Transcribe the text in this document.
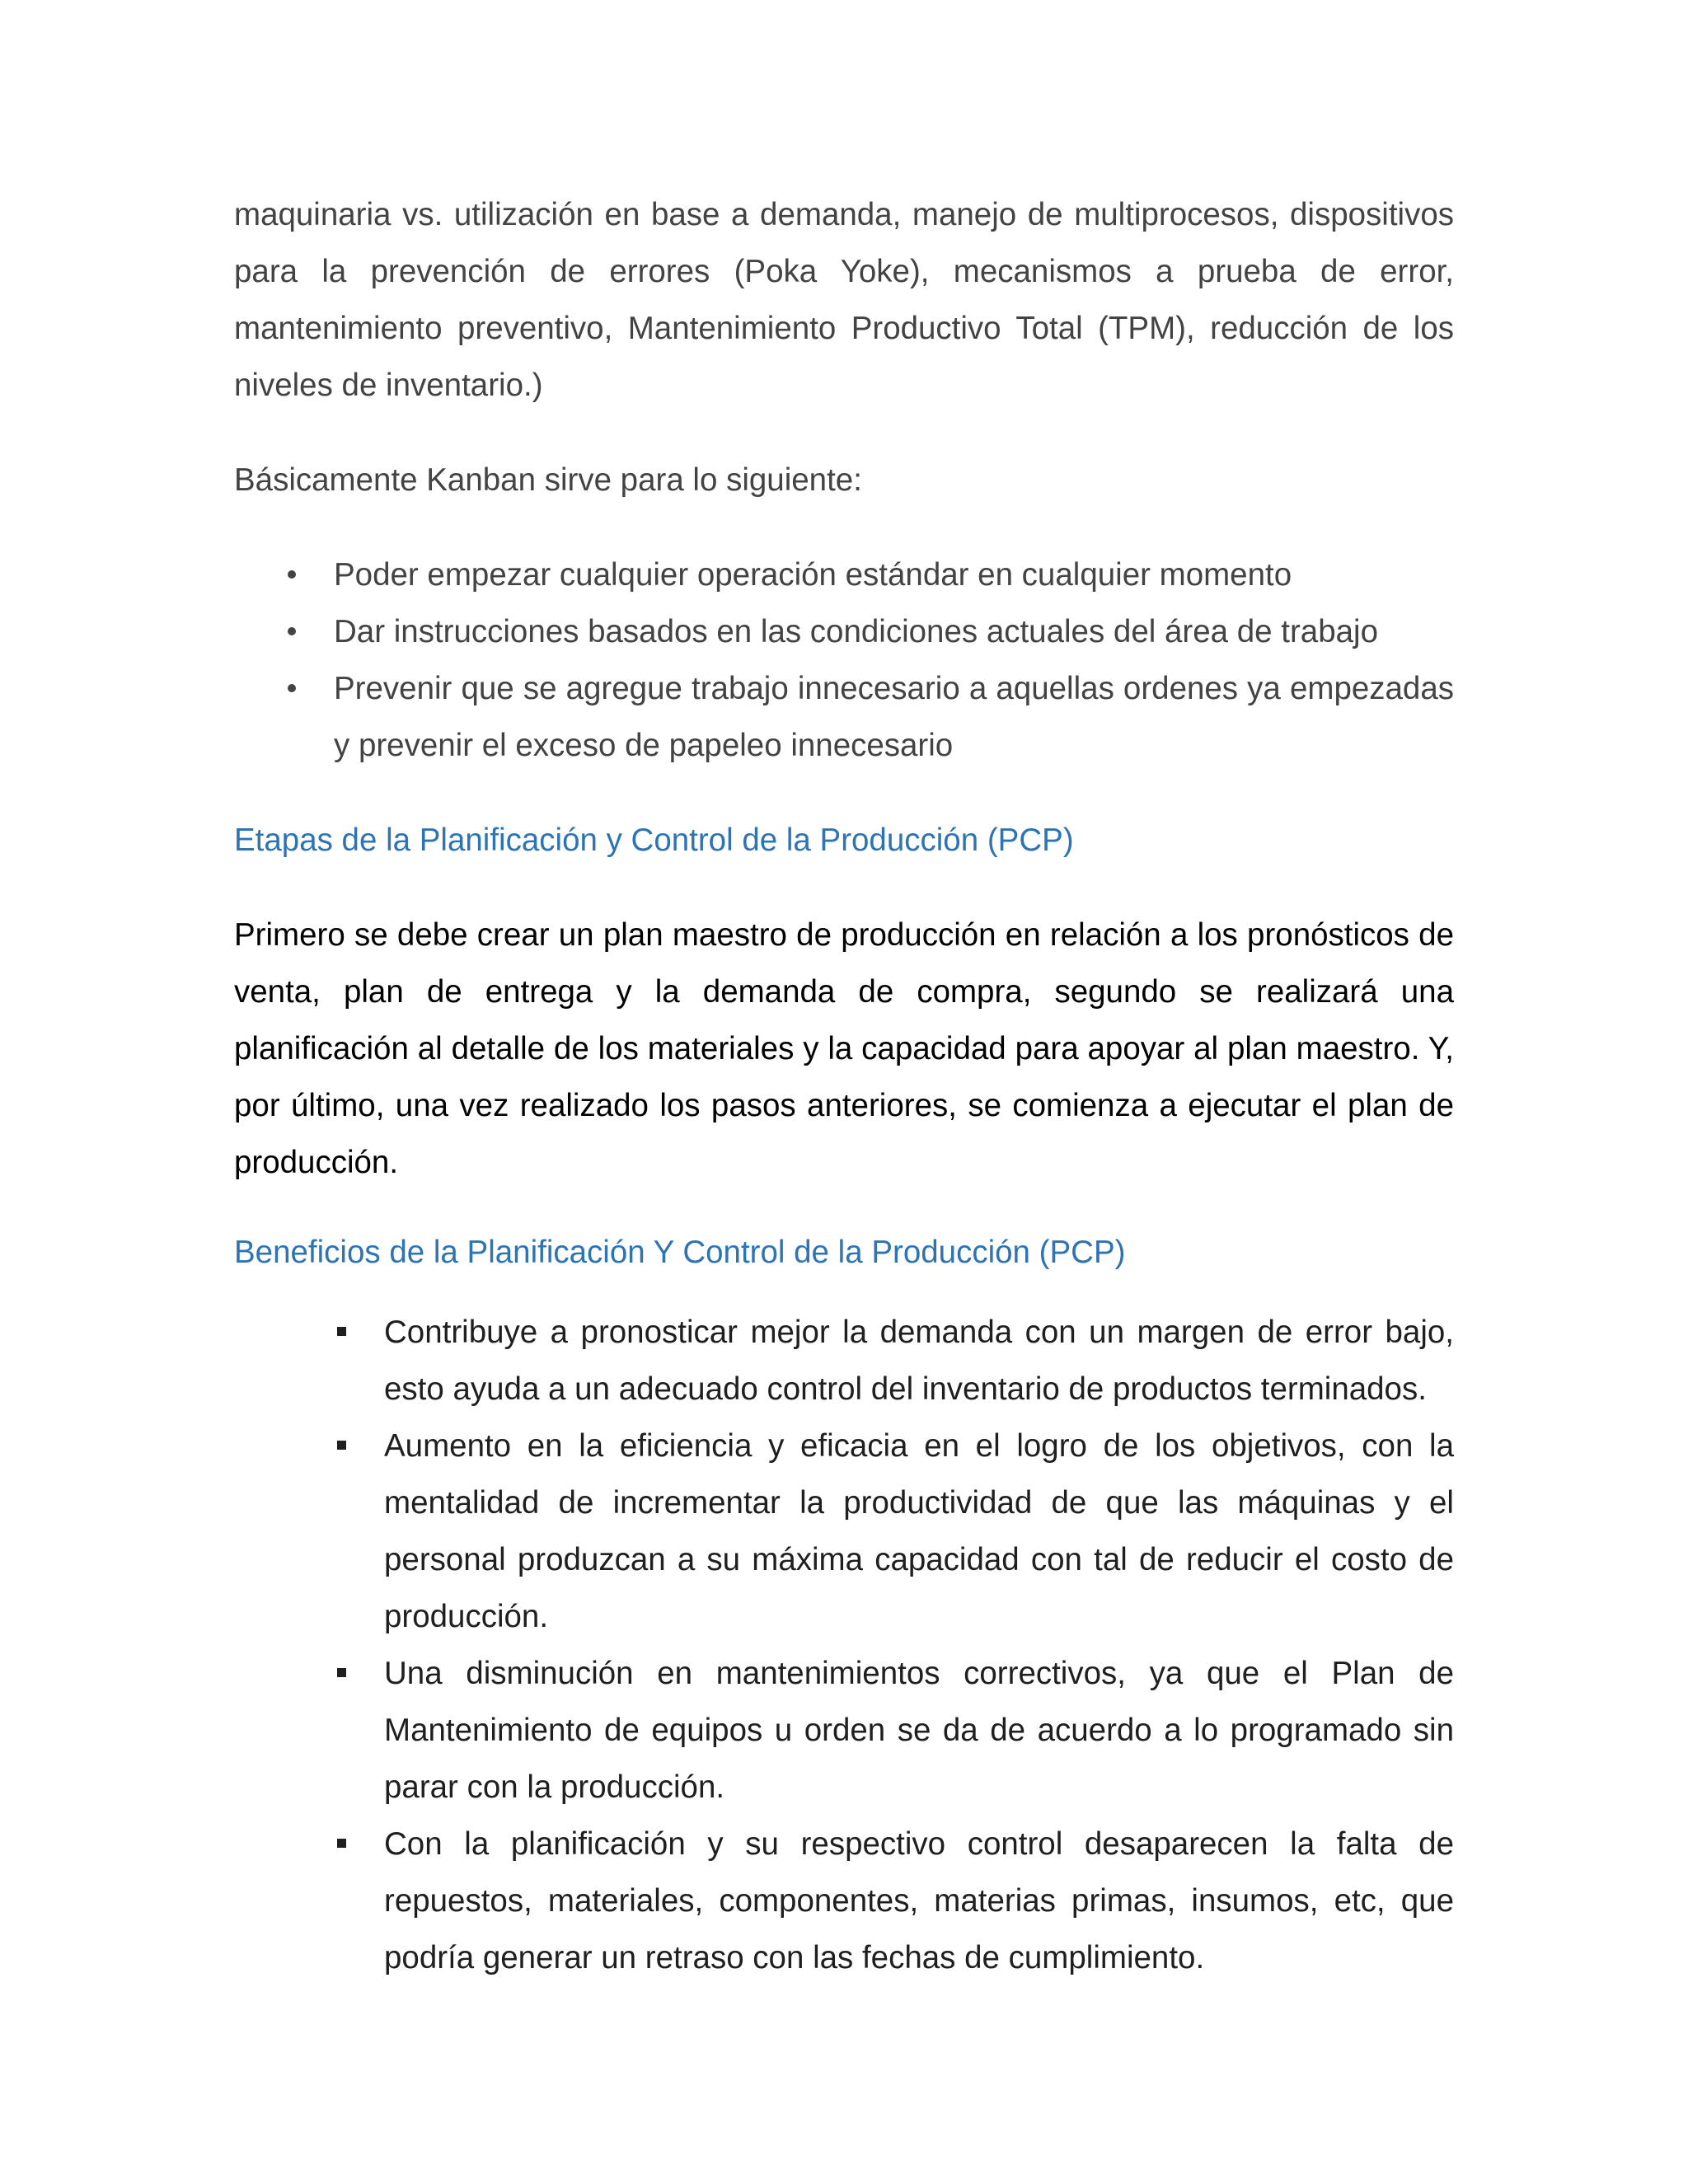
maquinaria vs. utilización en base a demanda, manejo de multiprocesos, dispositivos para la prevención de errores (Poka Yoke), mecanismos a prueba de error, mantenimiento preventivo, Mantenimiento Productivo Total (TPM), reducción de los niveles de inventario.)

Básicamente Kanban sirve para lo siguiente:

Poder empezar cualquier operación estándar en cualquier momento
Dar instrucciones basados en las condiciones actuales del área de trabajo
Prevenir que se agregue trabajo innecesario a aquellas ordenes ya empezadas y prevenir el exceso de papeleo innecesario
Etapas de la Planificación y Control de la Producción (PCP)

Primero se debe crear un plan maestro de producción en relación a los pronósticos de venta, plan de entrega y la demanda de compra, segundo se realizará una planificación al detalle de los materiales y la capacidad para apoyar al plan maestro. Y, por último, una vez realizado los pasos anteriores, se comienza a ejecutar el plan de producción.

Beneficios de la Planificación Y Control de la Producción (PCP)
Contribuye a pronosticar mejor la demanda con un margen de error bajo, esto ayuda a un adecuado control del inventario de productos terminados.
Aumento en la eficiencia y eficacia en el logro de los objetivos, con la mentalidad de incrementar la productividad de que las máquinas y el personal produzcan a su máxima capacidad con tal de reducir el costo de producción.
Una disminución en mantenimientos correctivos, ya que el Plan de Mantenimiento de equipos u orden se da de acuerdo a lo programado sin parar con la producción.
Con la planificación y su respectivo control desaparecen la falta de repuestos, materiales, componentes, materias primas, insumos, etc, que podría generar un retraso con las fechas de cumplimiento.
